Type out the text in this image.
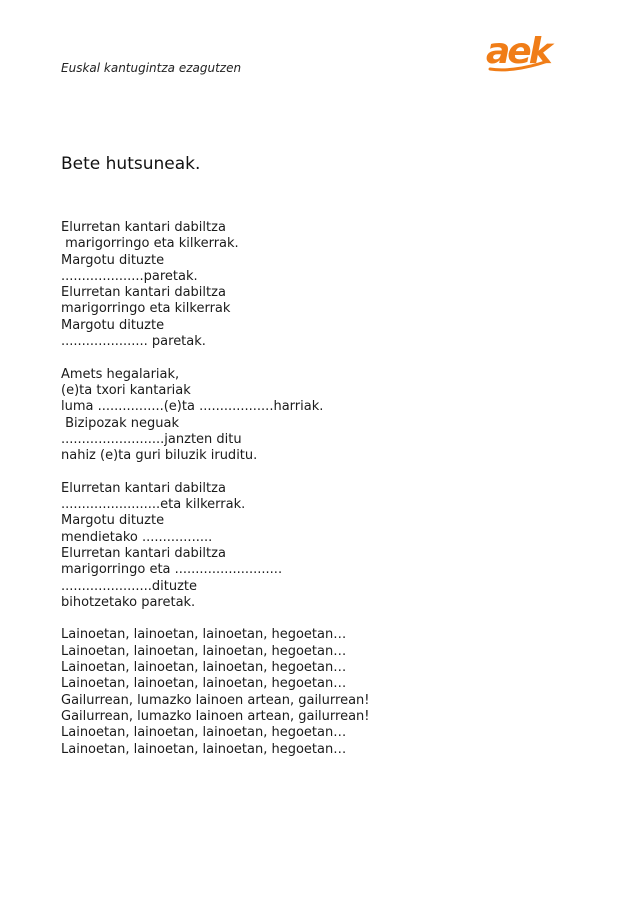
Euskal kantugintza ezagutzen	aek
Bete hutsuneak.
Elurretan kantari dabiltza
marigorringo eta kilkerrak.
Margotu dituzte
....................paretak.
Elurretan kantari dabiltza
marigorringo eta kilkerrak
Margotu dituzte
..................... paretak.
Amets hegalariak,
(e)ta txori kantariak
luma ................(e)ta ..................harriak.
Bizipozak neguak
.........................janzten ditu
nahiz (e)ta guri biluzik iruditu.
Elurretan kantari dabiltza
........................eta kilkerrak.
Margotu dituzte
mendietako .................
Elurretan kantari dabiltza
marigorringo eta ..........................
......................dituzte
bihotzetako paretak.
Lainoetan, lainoetan, lainoetan, hegoetan…
Lainoetan, lainoetan, lainoetan, hegoetan…
Lainoetan, lainoetan, lainoetan, hegoetan…
Lainoetan, lainoetan, lainoetan, hegoetan…
Gailurrean, lumazko lainoen artean, gailurrean!
Gailurrean, lumazko lainoen artean, gailurrean!
Lainoetan, lainoetan, lainoetan, hegoetan…
Lainoetan, lainoetan, lainoetan, hegoetan…
